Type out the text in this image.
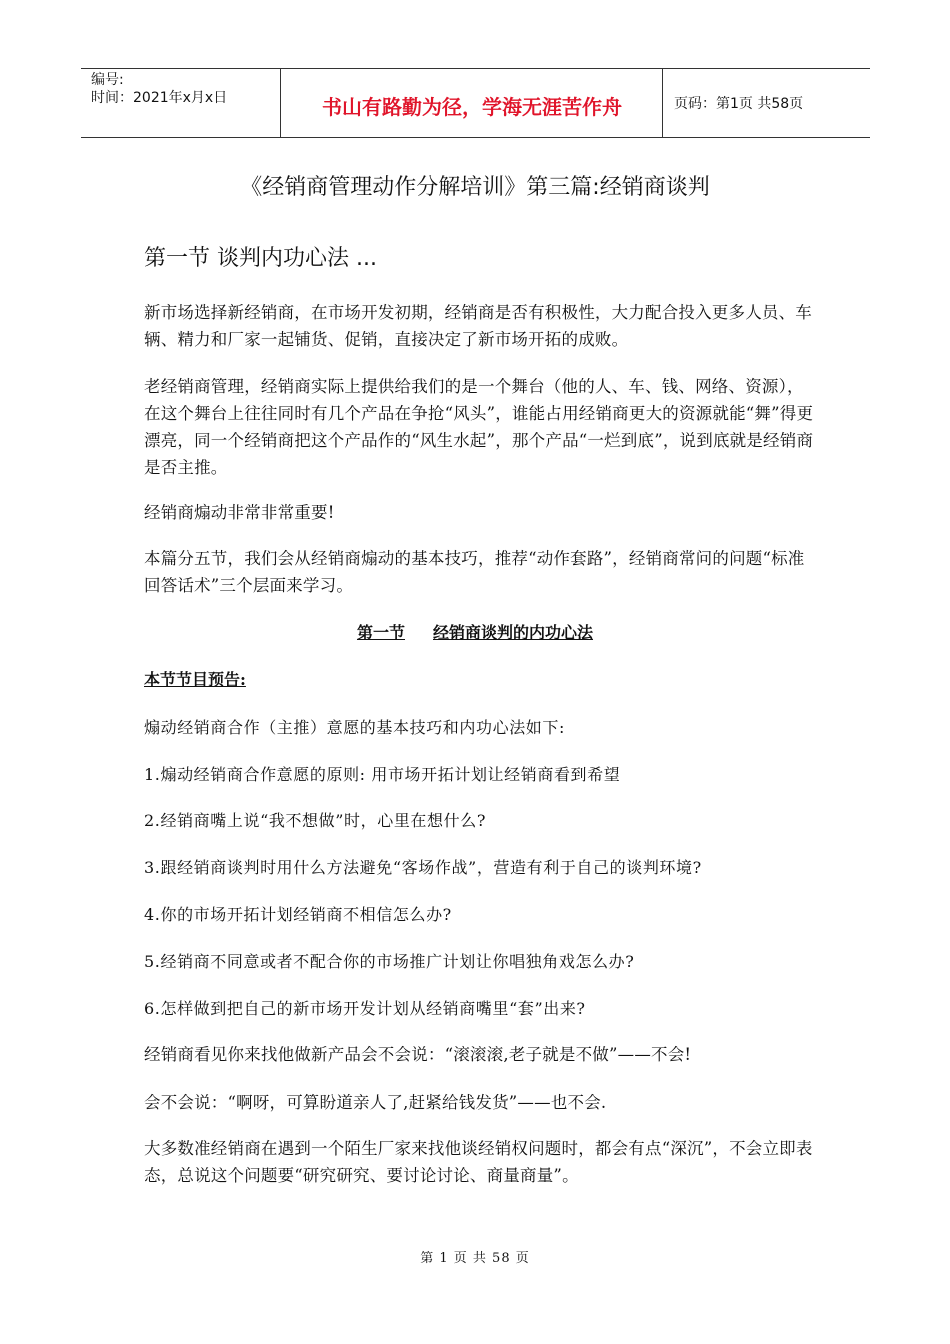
编号:
时间：2021年x月x日	书山有路勤为径，学海无涯苦作舟	页码：第1页 共58页
《经销商管理动作分解培训》第三篇:经销商谈判
第一节 谈判内功心法 ...
新市场选择新经销商，在市场开发初期，经销商是否有积极性，大力配合投入更多人员、车辆、精力和厂家一起铺货、促销，直接决定了新市场开拓的成败。
老经销商管理，经销商实际上提供给我们的是一个舞台（他的人、车、钱、网络、资源），在这个舞台上往往同时有几个产品在争抢“风头”，谁能占用经销商更大的资源就能“舞”得更漂亮，同一个经销商把这个产品作的“风生水起”，那个产品“一烂到底”，说到底就是经销商是否主推。
经销商煽动非常非常重要!
本篇分五节，我们会从经销商煽动的基本技巧，推荐“动作套路”，经销商常问的问题“标准回答话术”三个层面来学习。
第一节 经销商谈判的内功心法
本节节目预告:
煽动经销商合作（主推）意愿的基本技巧和内功心法如下:
1.煽动经销商合作意愿的原则: 用市场开拓计划让经销商看到希望
2.经销商嘴上说“我不想做”时，心里在想什么?
3.跟经销商谈判时用什么方法避免“客场作战”，营造有利于自己的谈判环境?
4.你的市场开拓计划经销商不相信怎么办?
5.经销商不同意或者不配合你的市场推广计划让你唱独角戏怎么办?
6.怎样做到把自己的新市场开发计划从经销商嘴里“套”出来?
经销商看见你来找他做新产品会不会说：“滚滚滚,老子就是不做”——不会!
会不会说：“啊呀，可算盼道亲人了,赶紧给钱发货”——也不会.
大多数准经销商在遇到一个陌生厂家来找他谈经销权问题时，都会有点“深沉”，不会立即表态，总说这个问题要“研究研究、要讨论讨论、商量商量”。
第 1 页 共 58 页
